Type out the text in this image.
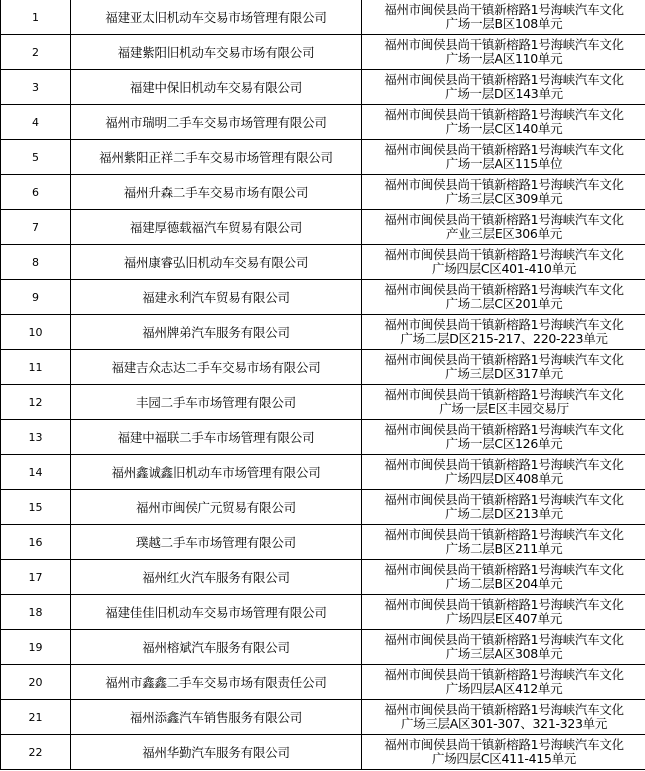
1	福建亚太旧机动车交易市场管理有限公司	福州市闽侯县尚干镇新榕路1号海峡汽车文化
广场一层B区108单元

2	福建紫阳旧机动车交易市场有限公司	福州市闽侯县尚干镇新榕路1号海峡汽车文化
广场一层A区110单元

3	福建中保旧机动车交易有限公司	福州市闽侯县尚干镇新榕路1号海峡汽车文化
广场一层D区143单元

4	福州市瑞明二手车交易市场管理有限公司	福州市闽侯县尚干镇新榕路1号海峡汽车文化
广场一层C区140单元

5	福州紫阳正祥二手车交易市场管理有限公司	福州市闽侯县尚干镇新榕路1号海峡汽车文化
广场一层A区115单位

6	福州升森二手车交易市场有限公司	福州市闽侯县尚干镇新榕路1号海峡汽车文化
广场三层C区309单元

7	福建厚德载福汽车贸易有限公司	福州市闽侯县尚干镇新榕路1号海峡汽车文化
产业三层E区306单元

8	福州康睿弘旧机动车交易有限公司	福州市闽侯县尚干镇新榕路1号海峡汽车文化
广场四层C区401-410单元

9	福建永利汽车贸易有限公司	福州市闽侯县尚干镇新榕路1号海峡汽车文化
广场二层C区201单元

10	福州牌弟汽车服务有限公司	福州市闽侯县尚干镇新榕路1号海峡汽车文化
广场二层D区215-217、220-223单元

11	福建吉众志达二手车交易市场有限公司	福州市闽侯县尚干镇新榕路1号海峡汽车文化
广场三层D区317单元

12	丰园二手车市场管理有限公司	福州市闽侯县尚干镇新榕路1号海峡汽车文化
广场一层E区丰园交易厅

13	福建中福联二手车市场管理有限公司	福州市闽侯县尚干镇新榕路1号海峡汽车文化
广场一层C区126单元

14	福州鑫诚鑫旧机动车市场管理有限公司	福州市闽侯县尚干镇新榕路1号海峡汽车文化
广场四层D区408单元

15	福州市闽侯广元贸易有限公司	福州市闽侯县尚干镇新榕路1号海峡汽车文化
广场二层D区213单元

16	璞越二手车市场管理有限公司	福州市闽侯县尚干镇新榕路1号海峡汽车文化
广场二层B区211单元

17	福州红火汽车服务有限公司	福州市闽侯县尚干镇新榕路1号海峡汽车文化
广场二层B区204单元

18	福建佳佳旧机动车交易市场管理有限公司	福州市闽侯县尚干镇新榕路1号海峡汽车文化
广场四层E区407单元

19	福州榕斌汽车服务有限公司	福州市闽侯县尚干镇新榕路1号海峡汽车文化
广场三层A区308单元

20	福州市鑫鑫二手车交易市场有限责任公司	福州市闽侯县尚干镇新榕路1号海峡汽车文化
广场四层A区412单元

21	福州添鑫汽车销售服务有限公司	福州市闽侯县尚干镇新榕路1号海峡汽车文化
广场三层A区301-307、321-323单元

22	福州华勤汽车服务有限公司	福州市闽侯县尚干镇新榕路1号海峡汽车文化
广场四层C区411-415单元
